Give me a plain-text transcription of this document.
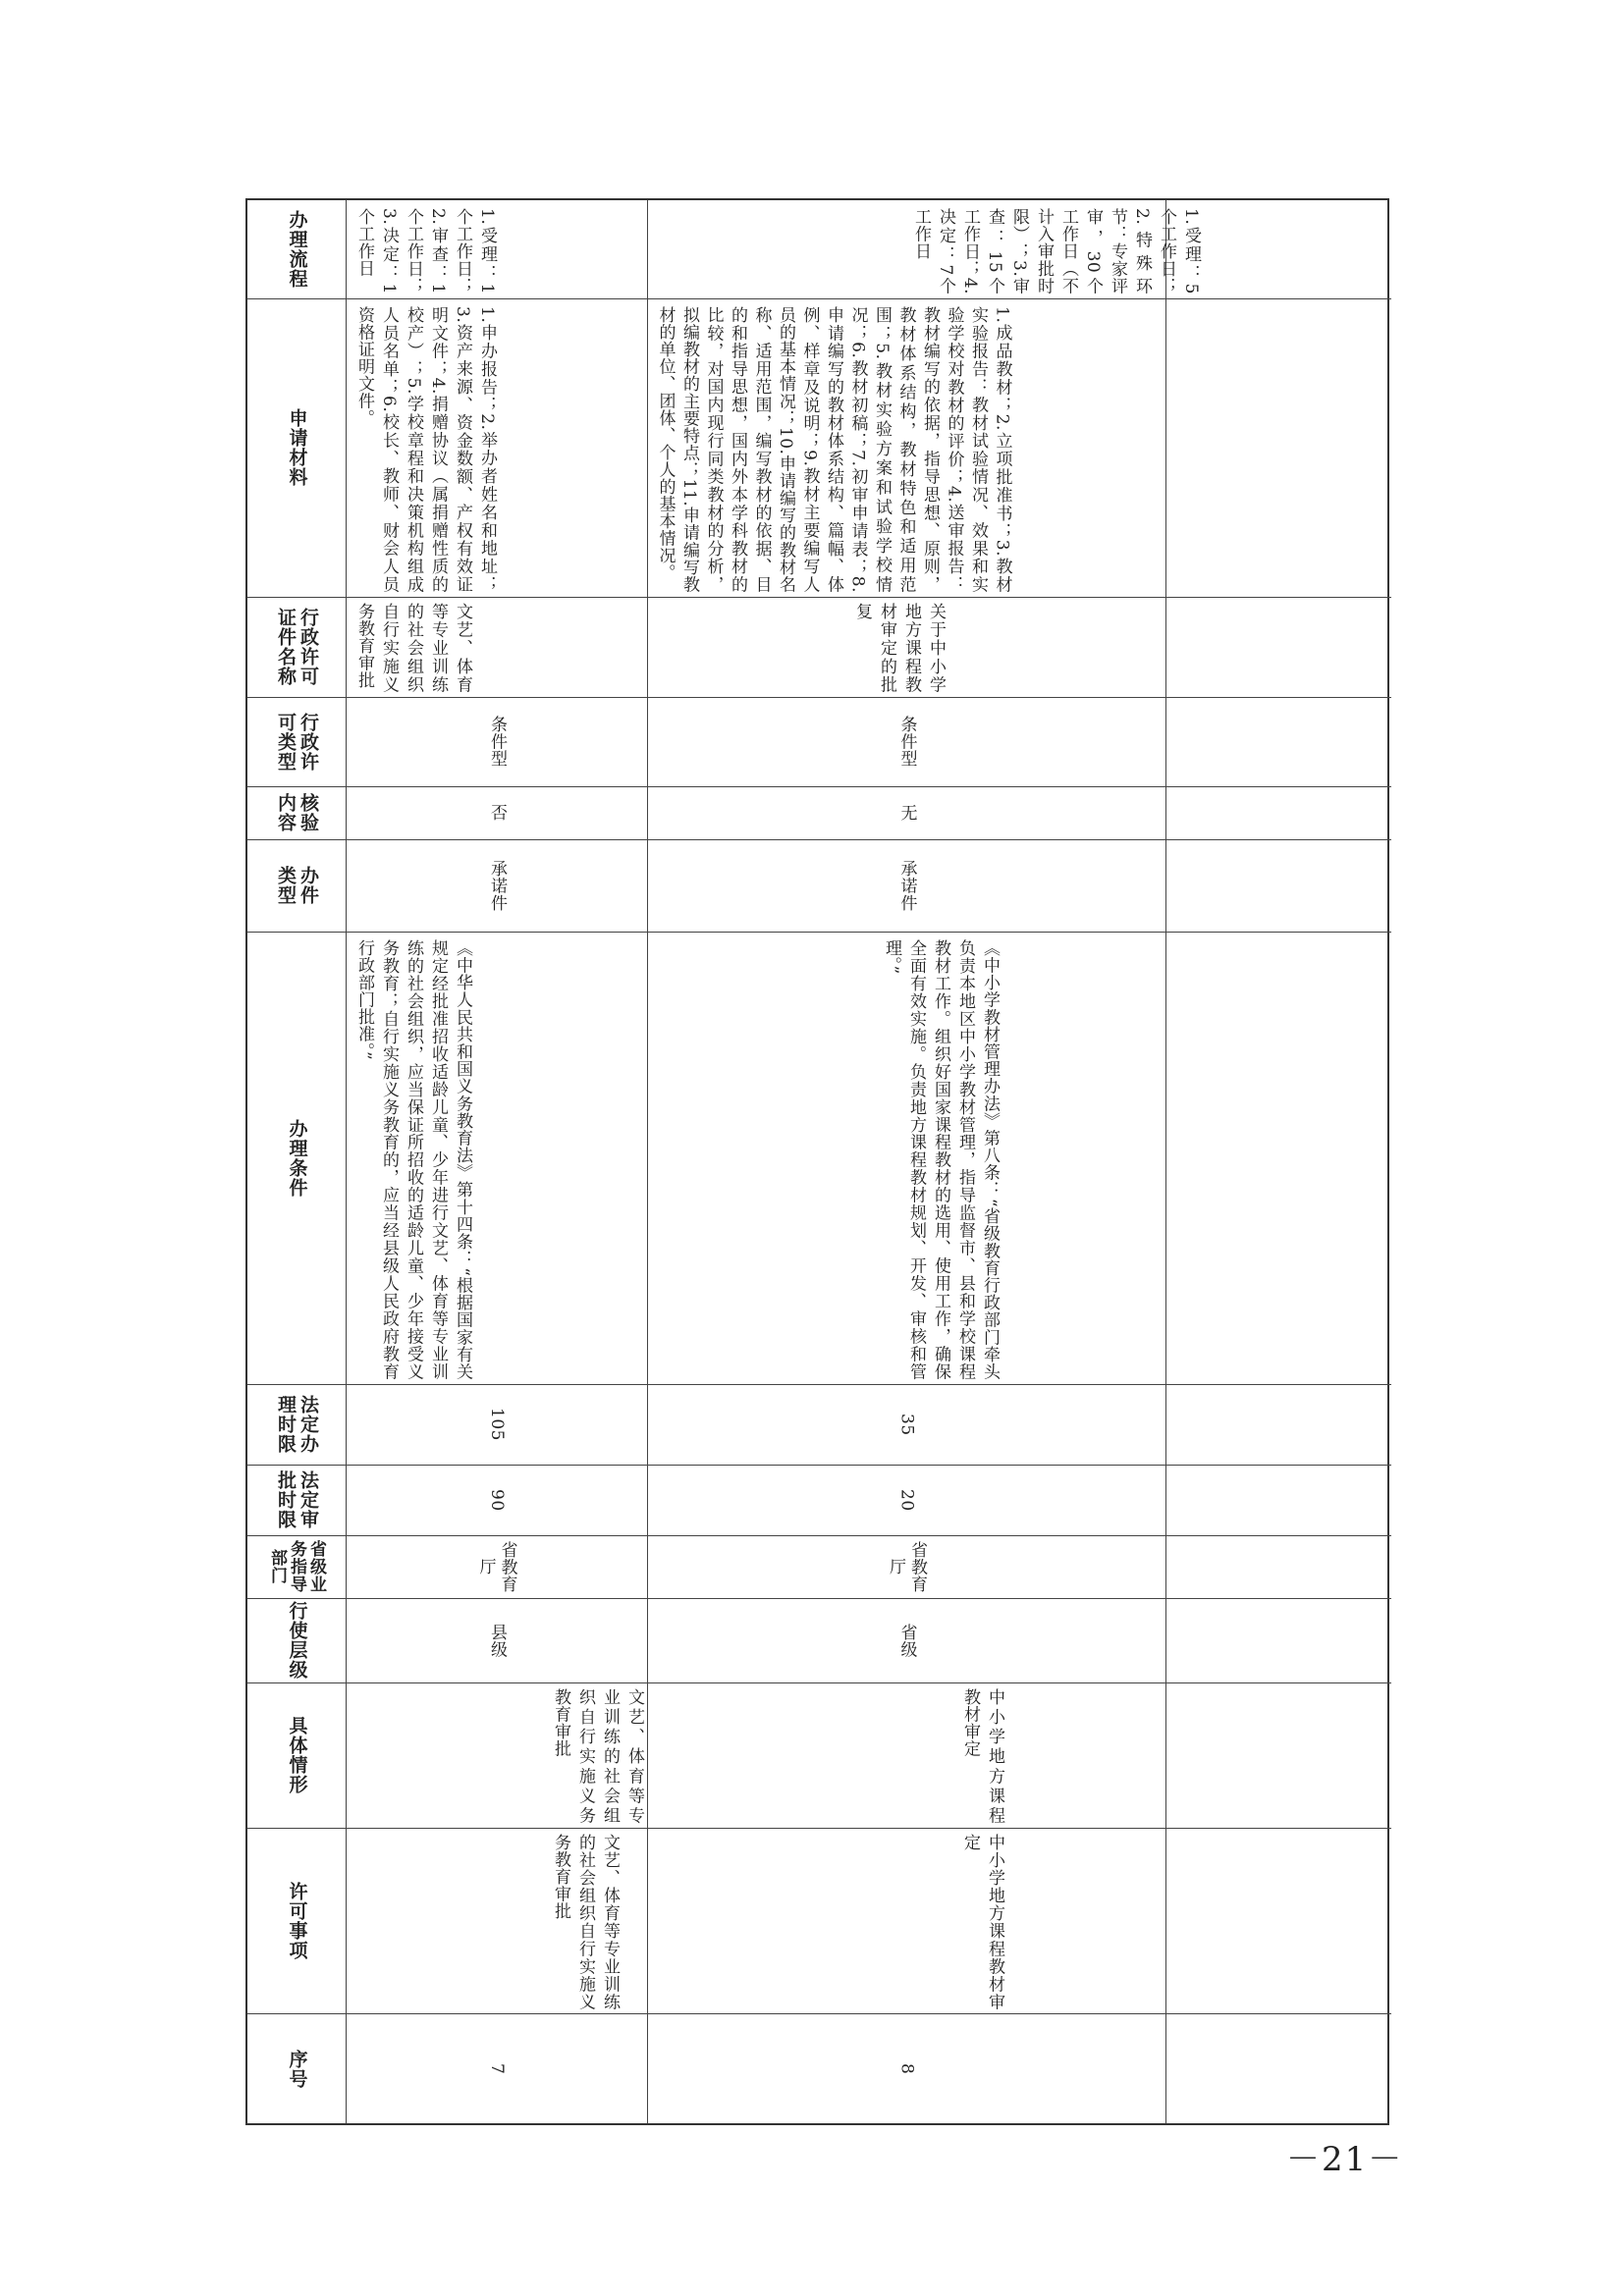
办理流程
申请材料
行政许可证件名称
行政许可类型
核验内容
办件类型
办理条件
法定办理时限
法定审批时限
省级业务指导部门
行使层级
具体情形
许可事项
序号
1.受理：1个工作日；2.审查：1个工作日；3.决定：1个工作日
1.申办报告；2.举办者姓名和地址；3.资产来源、资金数额、产权有效证明文件；4.捐赠协议（属捐赠性质的校产）；5.学校章程和决策机构组成人员名单；6.校长、教师、财会人员资格证明文件。
文艺、体育等专业训练的社会组织自行实施义务教育审批
条件型
否
承诺件
《中华人民共和国义务教育法》第十四条：“根据国家有关规定经批准招收适龄儿童、少年进行文艺、体育等专业训练的社会组织，应当保证所招收的适龄儿童、少年接受义务教育；自行实施义务教育的，应当经县级人民政府教育行政部门批准。”
105
90
省教育厅
县级
文艺、体育等专业训练的社会组织自行实施义务教育审批
文艺、体育等专业训练的社会组织自行实施义务教育审批
7
1.受理：5个工作日；2.特殊环节：专家评审，30个工作日（不计入审批时限）；3.审查：15个工作日；4.决定：7个工作日
1.成品教材；2.立项批准书；3.教材实验报告：教材试验情况、效果和实验学校对教材的评价；4.送审报告：教材编写的依据，指导思想、原则，教材体系结构，教材特色和适用范围；5.教材实验方案和试验学校情况；6.教材初稿；7.初审申请表；8.申请编写的教材体系结构、篇幅、体例、样章及说明；9.教材主要编写人员的基本情况；10.申请编写的教材名称、适用范围，编写教材的依据、目的和指导思想，国内外本学科教材的比较，对国内现行同类教材的分析，拟编教材的主要特点；11.申请编写教材的单位、团体、个人的基本情况。
关于中小学地方课程教材审定的批复
条件型
无
承诺件
《中小学教材管理办法》第八条：“省级教育行政部门牵头负责本地区中小学教材管理，指导监督市、县和学校课程教材工作。组织好国家课程教材的选用、使用工作，确保全面有效实施。负责地方课程教材规划、开发、审核和管理。”
35
20
省教育厅
省级
中小学地方课程教材审定
中小学地方课程教材审定
8
－21－
